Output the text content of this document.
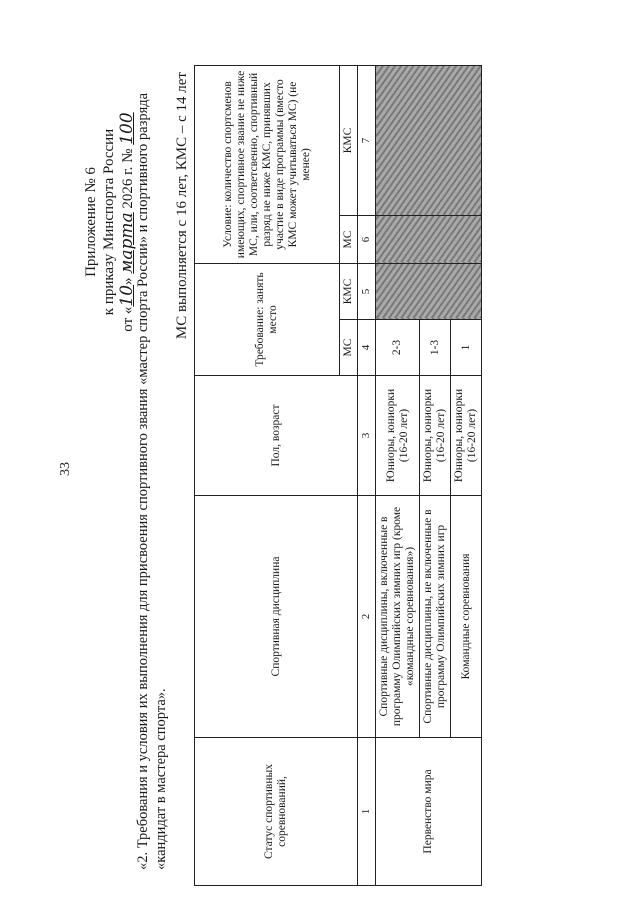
33
Приложение № 6 к приказу Минспорта России
от «10» марта 2026 г. № 100
«2. Требования и условия их выполнения для присвоения спортивного звания «мастер спорта России» и спортивного разряда «кандидат в мастера спорта».
МС выполняется с 16 лет, КМС – с 14 лет
Статус спортивных соревнований,	Спортивная дисциплина	Пол, возраст	Требование: занять место		Условие: количество спортсменов имеющих, спортивное звание не ниже МС, или, соответсвенно, спортивный разряд не ниже КМС, принявших участие в виде программы (вместо КМС может учитываться МС) (не менее)	
			МС	КМС	МС	КМС
1	2	3	4	5	6	7
Первенство мира	Спортивные дисциплины, включенные в программу Олимпийских зимних игр (кроме «командные соревнования»)	Юниоры, юниорки (16-20 лет)	2-3			
	Спортивные дисциплины, не включенные в программу Олимпийских зимних игр	Юниоры, юниорки (16-20 лет)	1-3			
	Командные соревнования	Юниоры, юниорки (16-20 лет)	1			
